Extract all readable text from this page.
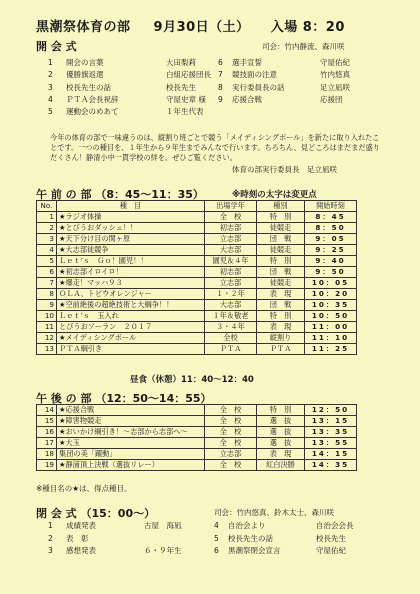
黒潮祭体育の部 9月30日（土） 入場 8：20
開 会 式	司会：竹内静流、森川咲
1 開会の言葉	大田梨莉
2 優勝旗返還	白組応援団長
3 校長先生の話	校長先生
4 ＰＴＡ会長祝辞	守屋史章 様
5 運動会のめあて	１年生代表
6 選手宣誓	守屋佑紀
7 競技面の注意	竹内悠真
8 実行委員長の話	足立凪咲
9 応援合戦	応援団
今年の体育の部で一味違うのは、縦割り班ごとで競う「メイディシングボール」を新たに取り入れたことです。一つの種目を、１年生から９年生までみんなで行います。ちろちん、見どころはまだまだ盛りだくさん！静清小中一貫学校の絆を、ぜひご覧ください。
体育の部実行委員長　足立凪咲
午 前 の 部 （8：45～11：35）	※時刻の太字は変更点
No.	種　目	出場学年	種別	開始時刻
1	★ラジオ体操	全　校	特　別	8：45
2	★とびうおダッシュ！！	初志部	徒競走	8：50
3	★天下分け目の関ヶ原	立志部	団　戦	9：05
4	★大志部徒競争	大志部	徒競走	9：25
5	Ｌｅｔ’ｓ　Ｇｏ！園児！！	園児＆４年	特　別	9：40
6	★初志部イロイロ！	初志部	団　戦	9：50
7	★爆走！マッハ９３	立志部	徒競走	10：05
8	ＯＬＡ、トビウオレンジャー	１・２年	表　現	10：20
9	★空前絶後の超絶技術と大綱争！！	大志部	団　戦	10：35
10	Ｌｅｔ’ｓ　玉入れ	１年＆敬老	特　別	10：50
11	とびうおソーラン　２０１７	３・４年	表　現	11：00
12	★メイディシングボール	全校	縦割り	11：10
13	ＰＴＡ綱引き	ＰＴＡ	ＰＴＡ	11：25
昼食（休憩）11：40～12：40
午 後 の 部 （12：50～14：55）
14	★応援合戦	全　校	特　別	12：50
15	★障害物競走	全　校	選　抜	13：15
16	★おいかけ綱引き！～志部から志部へ～	全　校	選　抜	13：35
17	★大玉	全　校	選　抜	13：55
18	集団の美「躍動」	立志部	表　現	14：15
19	★静浦頂上決戦（選抜リレー）	全　校	紅白決勝	14：35
※種目名の★は、得点種目。
閉 会 式 （15：00～）	司会：竹内悠真、鈴木太士、森川咲
1 成績発表	古屋　海凪
2 表　彰
3 感想発表	６・９年生
4 自治会より	自治会会長
5 校長先生の話	校長先生
6 黒潮祭閉会宣言	守屋佑紀
